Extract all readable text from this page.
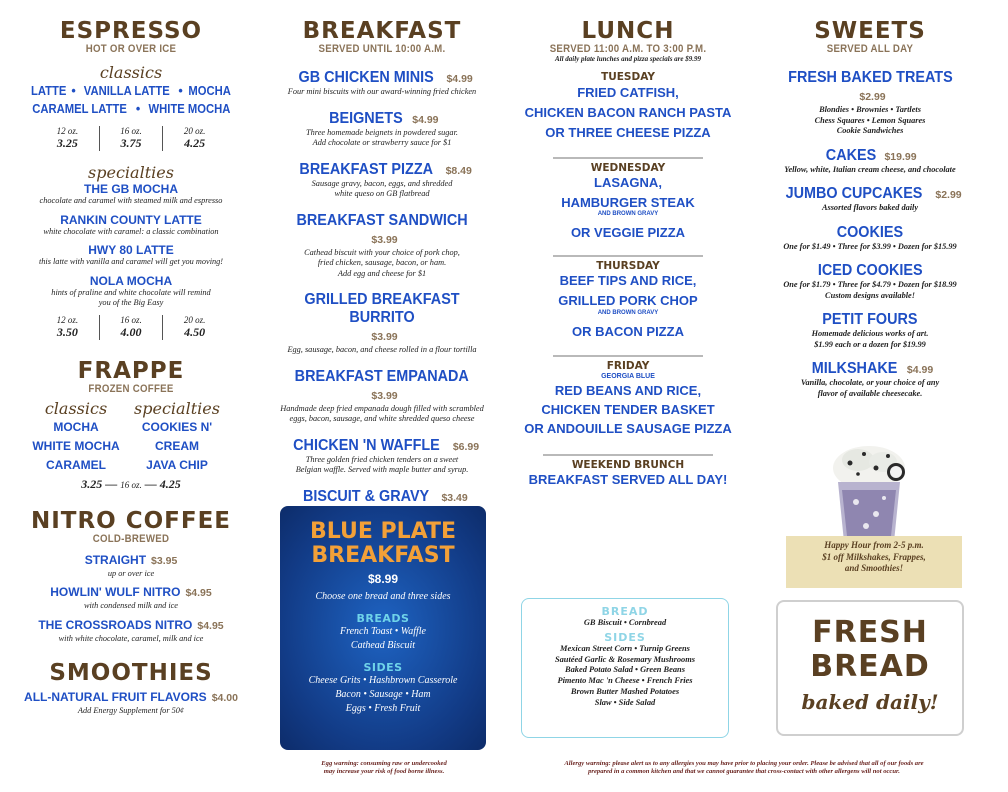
ESPRESSO
HOT OR OVER ICE
classics
LATTE • VANILLA LATTE • MOCHA
CARAMEL LATTE • WHITE MOCHA
12 oz.
3.25
16 oz.
3.75
20 oz.
4.25
specialties
THE GB MOCHA
chocolate and caramel with steamed milk and espresso
RANKIN COUNTY LATTE
white chocolate with caramel: a classic combination
HWY 80 LATTE
this latte with vanilla and caramel will get you moving!
NOLA MOCHA
hints of praline and white chocolate will remind you of the Big Easy
12 oz.
3.50
16 oz.
4.00
20 oz.
4.50
FRAPPE
FROZEN COFFEE
classics
MOCHA
WHITE MOCHA
CARAMEL
specialties
COOKIES N' CREAM
JAVA CHIP
3.25 — 16 oz. — 4.25
NITRO COFFEE
COLD-BREWED
STRAIGHT $3.95
up or over ice
HOWLIN' WULF NITRO $4.95
with condensed milk and ice
THE CROSSROADS NITRO $4.95
with white chocolate, caramel, milk and ice
SMOOTHIES
ALL-NATURAL FRUIT FLAVORS $4.00
Add Energy Supplement for 50¢
BREAKFAST
SERVED UNTIL 10:00 A.M.
GB CHICKEN MINIS $4.99
Four mini biscuits with our award-winning fried chicken
BEIGNETS $4.99
Three homemade beignets in powdered sugar.
Add chocolate or strawberry sauce for $1
BREAKFAST PIZZA $8.49
Sausage gravy, bacon, eggs, and shredded
white queso on GB flatbread
BREAKFAST SANDWICH$3.99
Cathead biscuit with your choice of pork chop,
fried chicken, sausage, bacon, or ham.
Add egg and cheese for $1
GRILLED BREAKFAST BURRITO$3.99
Egg, sausage, bacon, and cheese rolled in a flour tortilla
BREAKFAST EMPANADA$3.99
Handmade deep fried empanada dough filled with scrambled
eggs, bacon, sausage, and white shredded queso cheese
CHICKEN 'N WAFFLE $6.99
Three golden fried chicken tenders on a sweet
Belgian waffle. Served with maple butter and syrup.
BISCUIT & GRAVY $3.49
BLUE PLATE
BREAKFAST
$8.99
Choose one bread and three sides
BREADS
French Toast • Waffle
Cathead Biscuit
SIDES
Cheese Grits • Hashbrown Casserole
Bacon • Sausage • Ham
Eggs • Fresh Fruit
LUNCH
SERVED 11:00 A.M. TO 3:00 P.M.
All daily plate lunches and pizza specials are $9.99
TUESDAY
FRIED CATFISH,
CHICKEN BACON RANCH PASTA
OR THREE CHEESE PIZZA
WEDNESDAY
LASAGNA,
HAMBURGER STEAK
AND BROWN GRAVY
OR VEGGIE PIZZA
THURSDAY
BEEF TIPS AND RICE,
GRILLED PORK CHOP
AND BROWN GRAVY
OR BACON PIZZA
FRIDAY
GEORGIA BLUE
RED BEANS AND RICE,
CHICKEN TENDER BASKET
OR ANDOUILLE SAUSAGE PIZZA
WEEKEND BRUNCH
BREAKFAST SERVED ALL DAY!
BREAD
GB Biscuit • Cornbread
SIDES
Mexican Street Corn • Turnip Greens
Sautéed Garlic & Rosemary Mushrooms
Baked Potato Salad • Green Beans
Pimento Mac 'n Cheese • French Fries
Brown Butter Mashed Potatoes
Slaw • Side Salad
SWEETS
SERVED ALL DAY
FRESH BAKED TREATS$2.99
Blondies • Brownies • Tartlets
Chess Squares • Lemon Squares
Cookie Sandwiches
CAKES $19.99
Yellow, white, Italian cream cheese, and chocolate
JUMBO CUPCAKES $2.99
Assorted flavors baked daily
COOKIES
One for $1.49 • Three for $3.99 • Dozen for $15.99
ICED COOKIES
One for $1.79 • Three for $4.79 • Dozen for $18.99
Custom designs available!
PETIT FOURS
Homemade delicious works of art.
$1.99 each or a dozen for $19.99
MILKSHAKE $4.99
Vanilla, chocolate, or your choice of any
flavor of available cheesecake.
Happy Hour from 2-5 p.m.
$1 off Milkshakes, Frappes,
and Smoothies!
FRESH
BREAD
baked daily!
Egg warning: consuming raw or undercooked
may increase your risk of food borne illness.
Allergy warning: please alert us to any allergies you may have prior to placing your order. Please be advised that all of our foods are
prepared in a common kitchen and that we cannot guarantee that cross-contact with other allergens will not occur.
